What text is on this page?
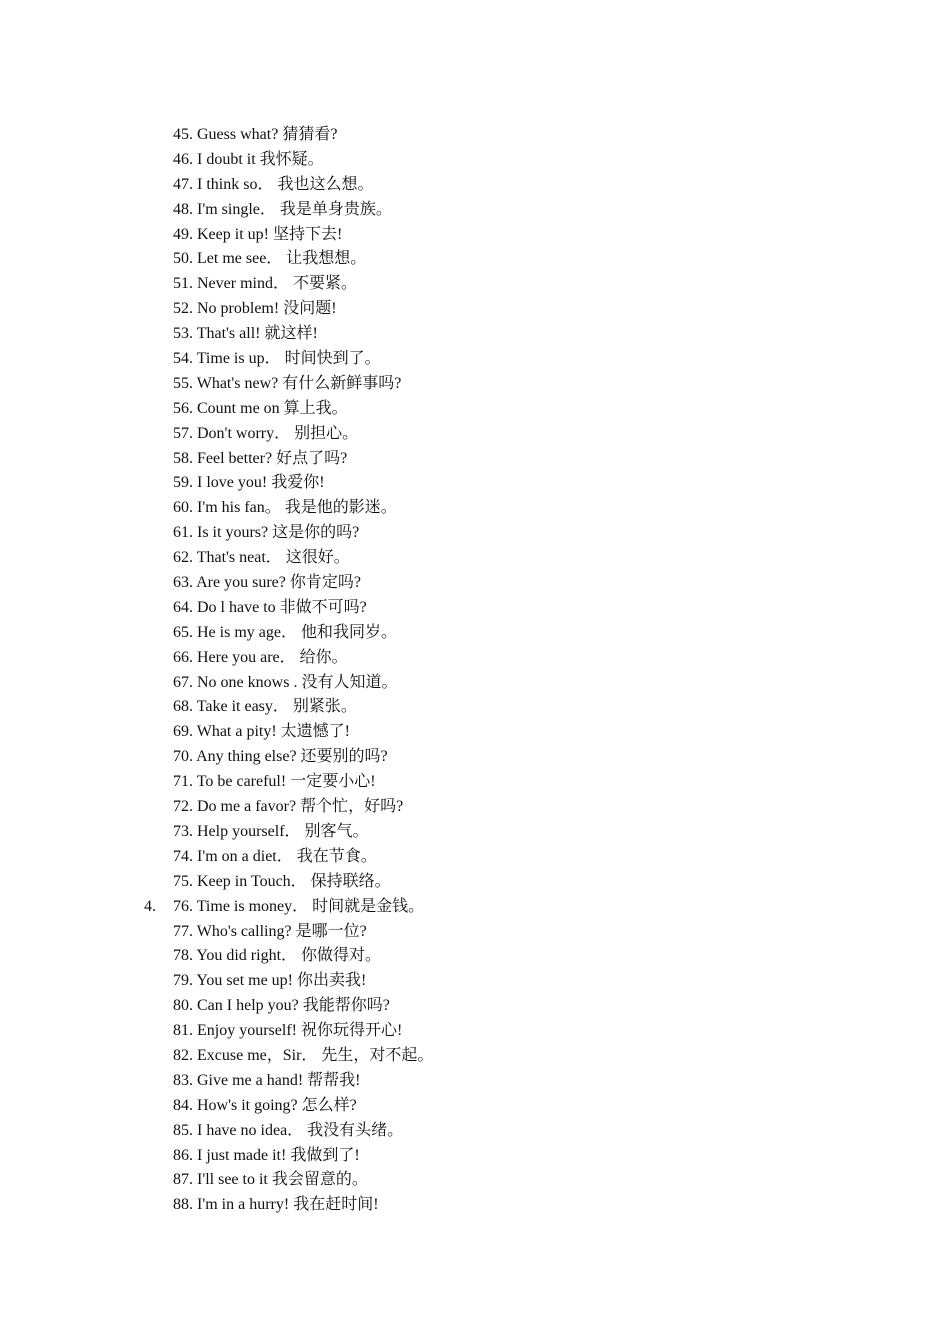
45. Guess what? 猜猜看?
46. I doubt it 我怀疑。
47. I think so． 我也这么想。
48. I'm single． 我是单身贵族。
49. Keep it up! 坚持下去!
50. Let me see． 让我想想。
51. Never mind． 不要紧。
52. No problem! 没问题!
53. That's all! 就这样!
54. Time is up． 时间快到了。
55. What's new? 有什么新鲜事吗?
56. Count me on 算上我。
57. Don't worry． 别担心。
58. Feel better? 好点了吗?
59. I love you! 我爱你!
60. I'm his fan。 我是他的影迷。
61. Is it yours? 这是你的吗?
62. That's neat． 这很好。
63. Are you sure? 你肯定吗?
64. Do l have to 非做不可吗?
65. He is my age． 他和我同岁。
66. Here you are． 给你。
67. No one knows . 没有人知道。
68. Take it easy． 别紧张。
69. What a pity! 太遗憾了!
70. Any thing else? 还要别的吗?
71. To be careful! 一定要小心!
72. Do me a favor? 帮个忙，好吗?
73. Help yourself． 别客气。
74. I'm on a diet． 我在节食。
75. Keep in Touch． 保持联络。
4. 76. Time is money． 时间就是金钱。
77. Who's calling? 是哪一位?
78. You did right． 你做得对。
79. You set me up! 你出卖我!
80. Can I help you? 我能帮你吗?
81. Enjoy yourself! 祝你玩得开心!
82. Excuse me，Sir． 先生，对不起。
83. Give me a hand! 帮帮我!
84. How's it going? 怎么样?
85. I have no idea． 我没有头绪。
86. I just made it! 我做到了!
87. I'll see to it 我会留意的。
88. I'm in a hurry! 我在赶时间!
